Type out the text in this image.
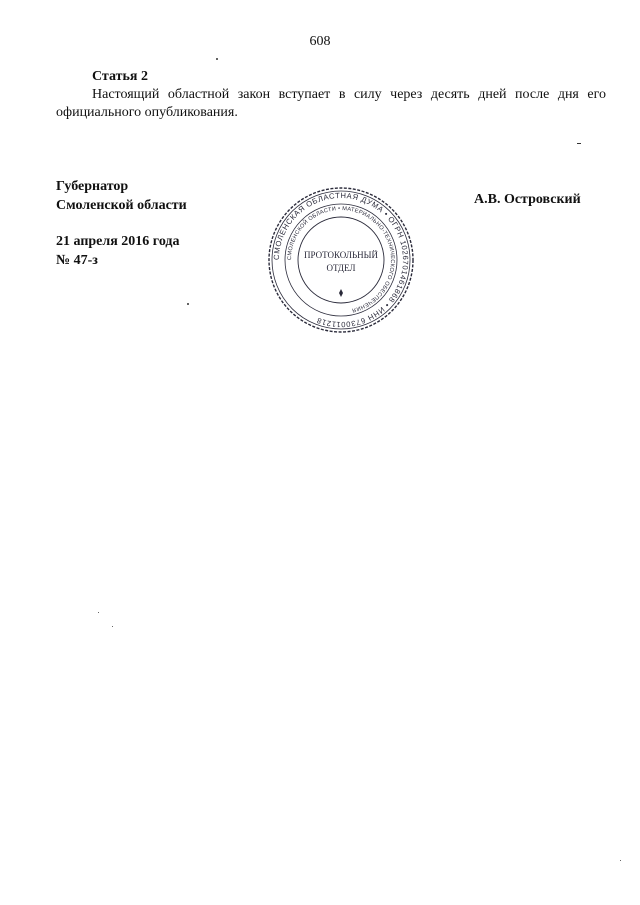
608
Статья 2
Настоящий областной закон вступает в силу через десять дней после дня его официального опубликования.
Губернатор
Смоленской области	А.В. Островский
21 апреля 2016 года
№ 47-з	СМОЛЕНСКАЯ ОБЛАСТНАЯ ДУМА • ОГРН 1026701461868 • ИНН 6730011218
СМОЛЕНСКОЙ ОБЛАСТИ • МАТЕРИАЛЬНО-ТЕХНИЧЕСКОГО ОБЕСПЕЧЕНИЯ
ПРОТОКОЛЬНЫЙ
ОТДЕЛ
